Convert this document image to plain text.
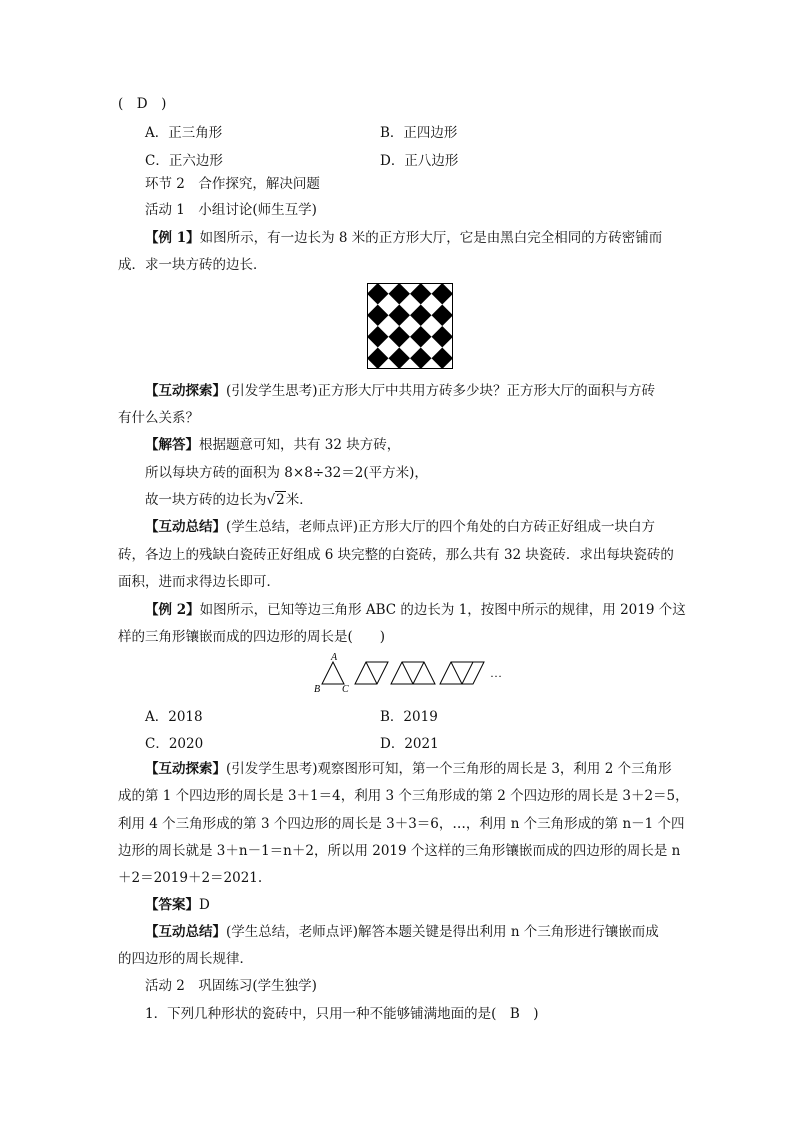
(　D　)
A．正三角形	B．正四边形
C．正六边形	D．正八边形
环节 2　合作探究，解决问题
活动 1　小组讨论(师生互学)
【例 1】如图所示，有一边长为 8 米的正方形大厅，它是由黑白完全相同的方砖密铺而
成．求一块方砖的边长．
【互动探索】(引发学生思考)正方形大厅中共用方砖多少块？正方形大厅的面积与方砖
有什么关系？
【解答】根据题意可知，共有 32 块方砖，
所以每块方砖的面积为 8×8÷32＝2(平方米)，
故一块方砖的边长为√2米．
【互动总结】(学生总结，老师点评)正方形大厅的四个角处的白方砖正好组成一块白方
砖，各边上的残缺白瓷砖正好组成 6 块完整的白瓷砖，那么共有 32 块瓷砖．求出每块瓷砖的
面积，进而求得边长即可．
【例 2】如图所示，已知等边三角形 ABC 的边长为 1，按图中所示的规律，用 2019 个这
样的三角形镶嵌而成的四边形的周长是(　　)
A
B C
…
A．2018	B．2019
C．2020	D．2021
【互动探索】(引发学生思考)观察图形可知，第一个三角形的周长是 3，利用 2 个三角形
成的第 1 个四边形的周长是 3＋1＝4，利用 3 个三角形成的第 2 个四边形的周长是 3＋2＝5，
利用 4 个三角形成的第 3 个四边形的周长是 3＋3＝6，…，利用 n 个三角形成的第 n－1 个四
边形的周长就是 3＋n－1＝n＋2，所以用 2019 个这样的三角形镶嵌而成的四边形的周长是 n
＋2＝2019＋2＝2021.
【答案】D
【互动总结】(学生总结，老师点评)解答本题关键是得出利用 n 个三角形进行镶嵌而成
的四边形的周长规律．
活动 2　巩固练习(学生独学)
1．下列几种形状的瓷砖中，只用一种不能够铺满地面的是(　B　)
